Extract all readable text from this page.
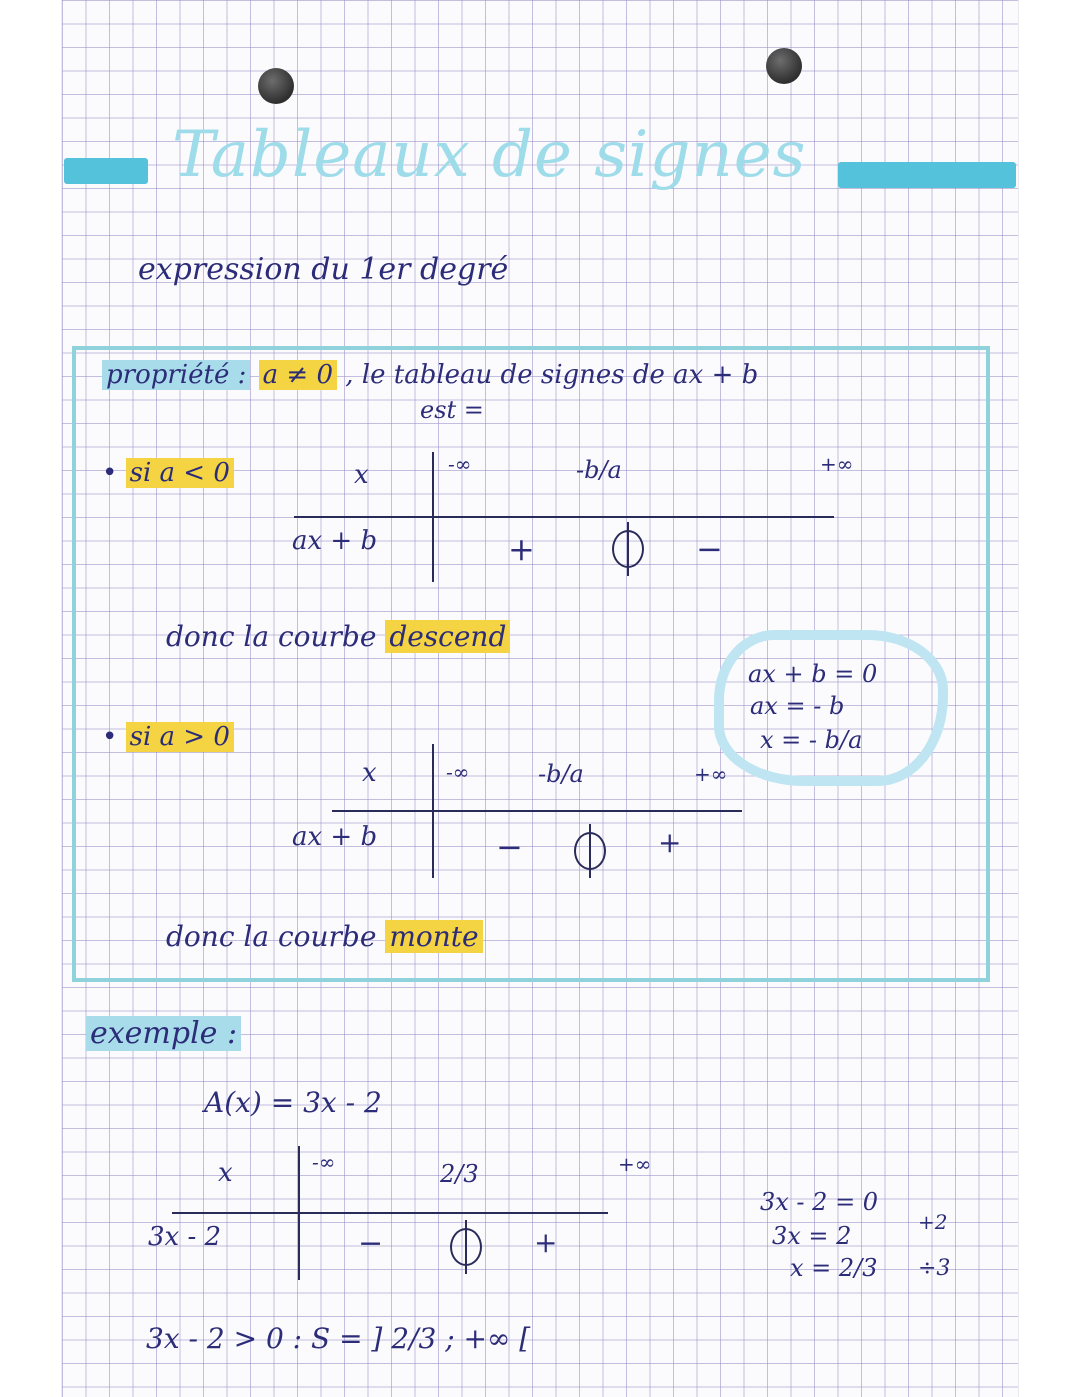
Tableaux de signes
expression du 1er degré
propriété : a ≠ 0 , le tableau de signes de ax + b
est =
• si a < 0	x	-∞	-b/a	+∞
ax + b	+	−
donc la courbe descend
ax + b = 0
ax = - b
x = - b/a
• si a > 0
x	-∞	-b/a	+∞
ax + b	−	+
donc la courbe monte
exemple :
A(x) = 3x - 2
x	-∞	2/3	+∞
3x - 2	−	+
3x - 2 > 0 : S = ] 2/3 ; +∞ [
3x - 2 = 0
3x = 2
x = 2/3
+2
÷3
